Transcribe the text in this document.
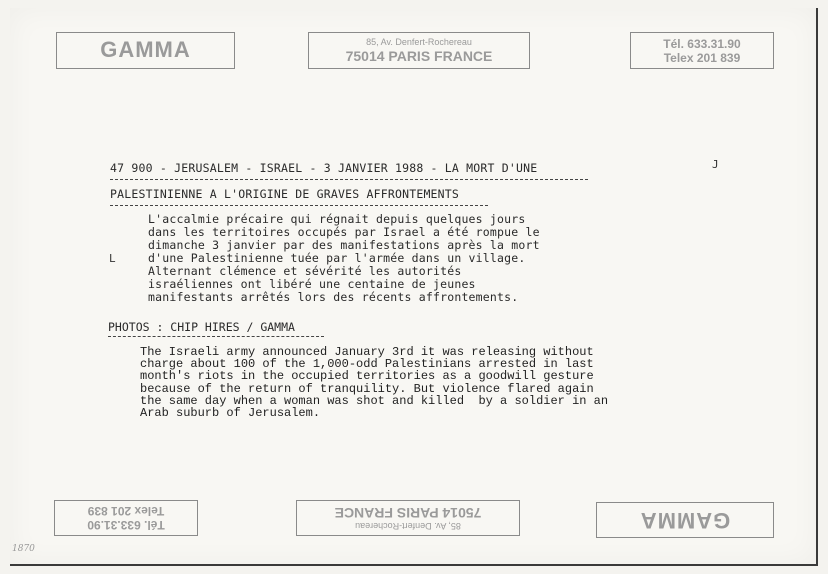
GAMMA	85, Av. Denfert-Rochereau
75014 PARIS FRANCE
Tél. 633.31.90
Telex 201 839
47 900 - JERUSALEM - ISRAEL - 3 JANVIER 1988 - LA MORT D'UNE
PALESTINIENNE A L'ORIGINE DE GRAVES AFFRONTEMENTS
J
L
L'accalmie précaire qui régnait depuis quelques jours
dans les territoires occupés par Israel a été rompue le
dimanche 3 janvier par des manifestations après la mort
d'une Palestinienne tuée par l'armée dans un village.
Alternant clémence et sévérité les autorités
israéliennes ont libéré une centaine de jeunes
manifestants arrêtés lors des récents affrontements.
PHOTOS : CHIP HIRES / GAMMA
The Israeli army announced January 3rd it was releasing without
charge about 100 of the 1,000-odd Palestinians arrested in last
month's riots in the occupied territories as a goodwill gesture
because of the return of tranquility. But violence flared again
the same day when a woman was shot and killed  by a soldier in an
Arab suburb of Jerusalem.
Tél. 633.31.90
Telex 201 839
85, Av. Denfert-Rochereau
75014 PARIS FRANCE	GAMMA
1870
